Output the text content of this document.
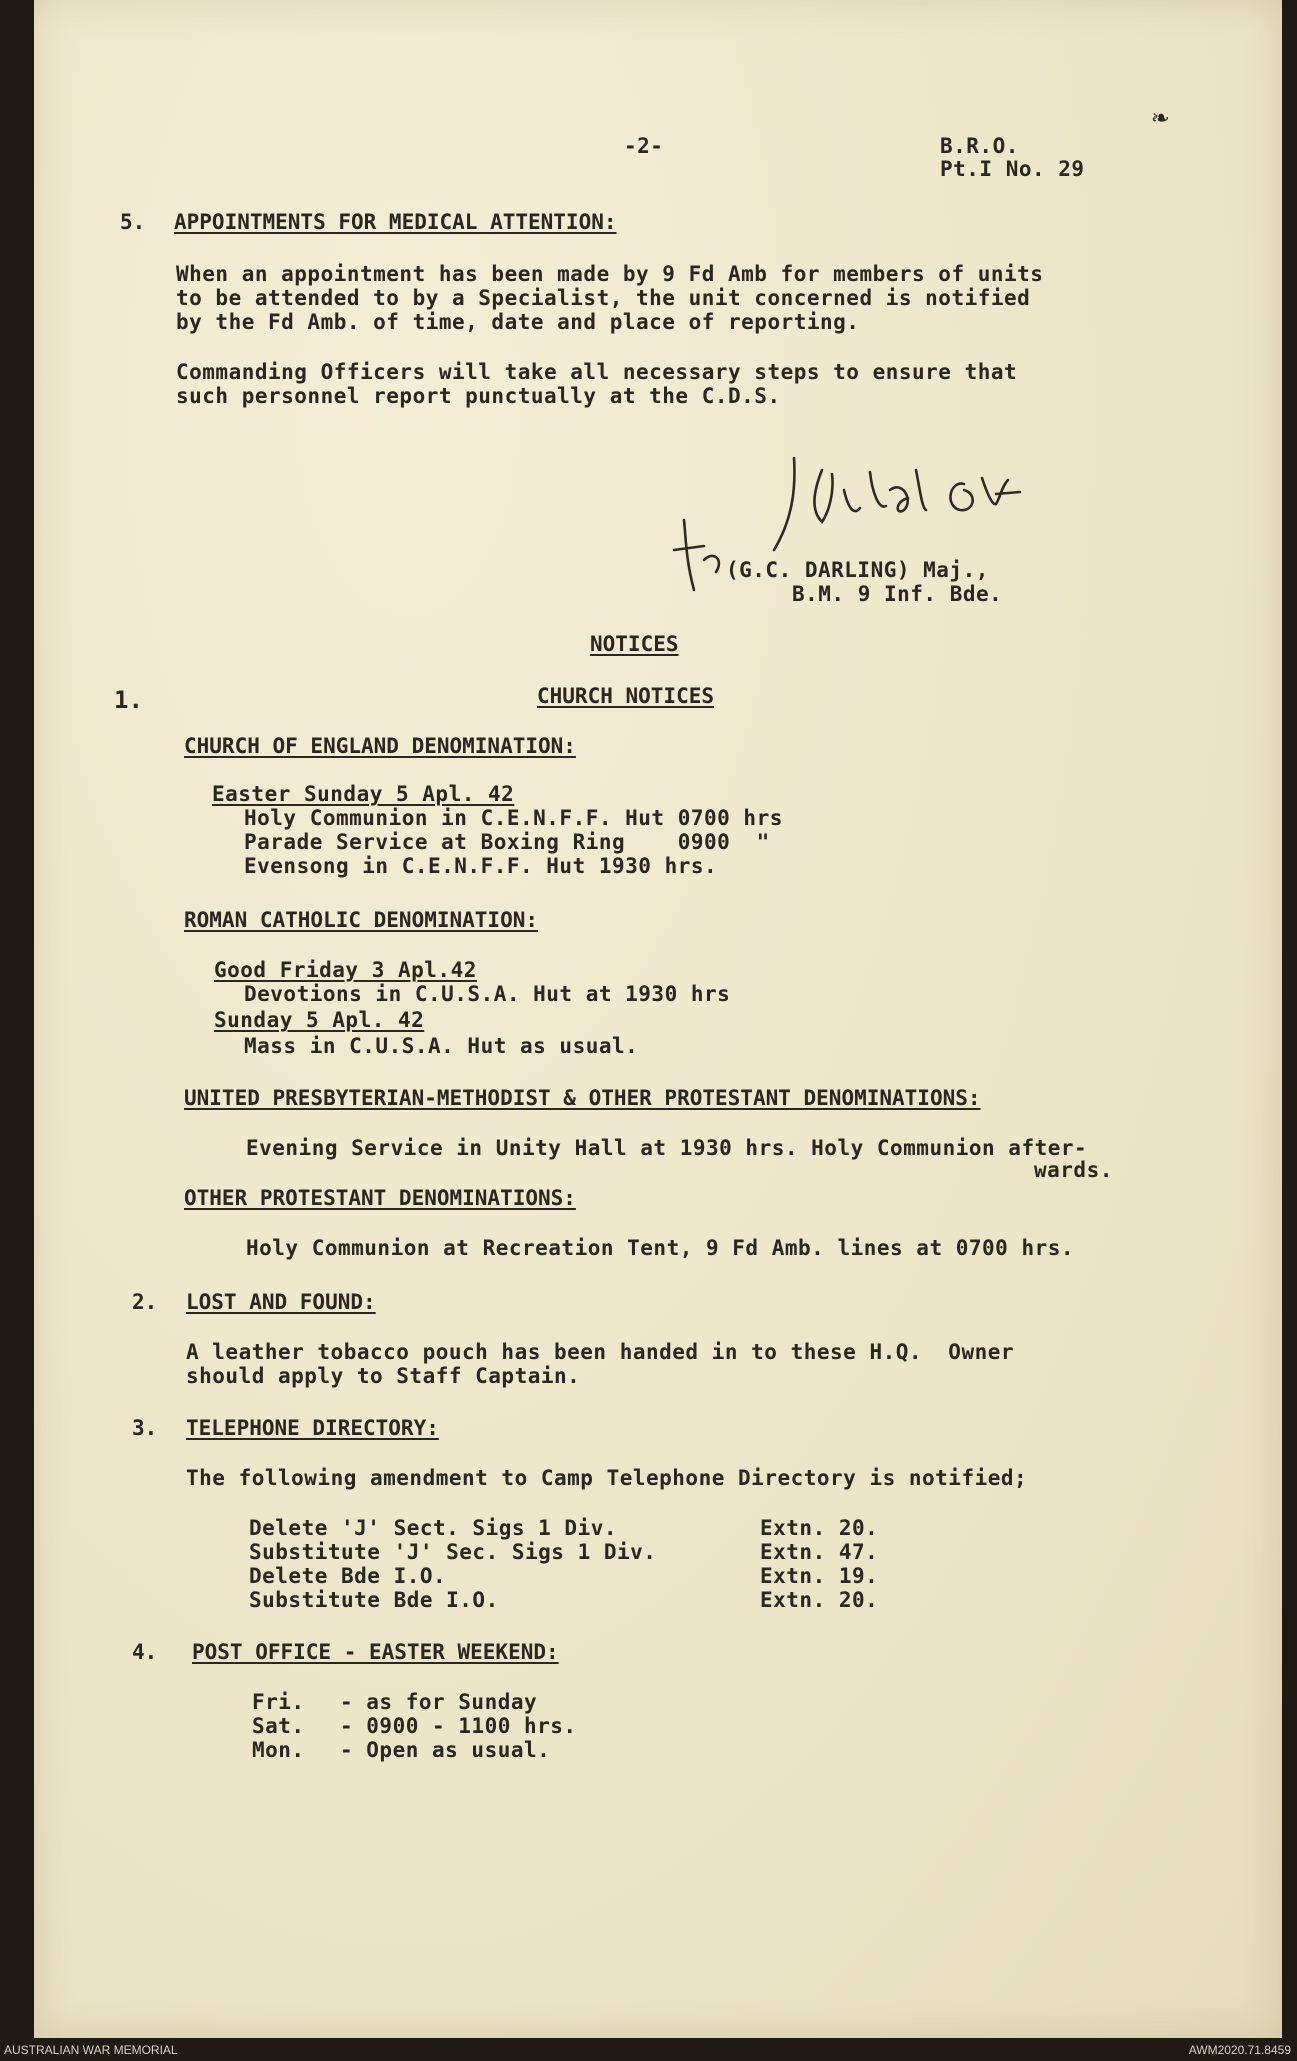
-2-	B.R.O.
Pt.I No. 29
❧
5. APPOINTMENTS FOR MEDICAL ATTENTION:
When an appointment has been made by 9 Fd Amb for members of units
to be attended to by a Specialist, the unit concerned is notified
by the Fd Amb. of time, date and place of reporting.
Commanding Officers will take all necessary steps to ensure that
such personnel report punctually at the C.D.S.
(G.C. DARLING) Maj.,
B.M. 9 Inf. Bde.
NOTICES
CHURCH NOTICES
1.
CHURCH OF ENGLAND DENOMINATION:
Easter Sunday 5 Apl. 42
Holy Communion in C.E.N.F.F. Hut 0700 hrs
Parade Service at Boxing Ring    0900  "
Evensong in C.E.N.F.F. Hut 1930 hrs.
ROMAN CATHOLIC DENOMINATION:
Good Friday 3 Apl.42
Devotions in C.U.S.A. Hut at 1930 hrs
Sunday 5 Apl. 42
Mass in C.U.S.A. Hut as usual.
UNITED PRESBYTERIAN-METHODIST & OTHER PROTESTANT DENOMINATIONS:
Evening Service in Unity Hall at 1930 hrs. Holy Communion after-
wards.
OTHER PROTESTANT DENOMINATIONS:
Holy Communion at Recreation Tent, 9 Fd Amb. lines at 0700 hrs.
2. LOST AND FOUND:
A leather tobacco pouch has been handed in to these H.Q.  Owner
should apply to Staff Captain.
3. TELEPHONE DIRECTORY:
The following amendment to Camp Telephone Directory is notified;
Delete 'J' Sect. Sigs 1 Div.	Extn. 20.
Substitute 'J' Sec. Sigs 1 Div.	Extn. 47.
Delete Bde I.O.	Extn. 19.
Substitute Bde I.O.	Extn. 20.
4. POST OFFICE - EASTER WEEKEND:
Fri. - as for Sunday
Sat. - 0900 - 1100 hrs.
Mon. - Open as usual.
AUSTRALIAN WAR MEMORIAL	AWM2020.71.8459
